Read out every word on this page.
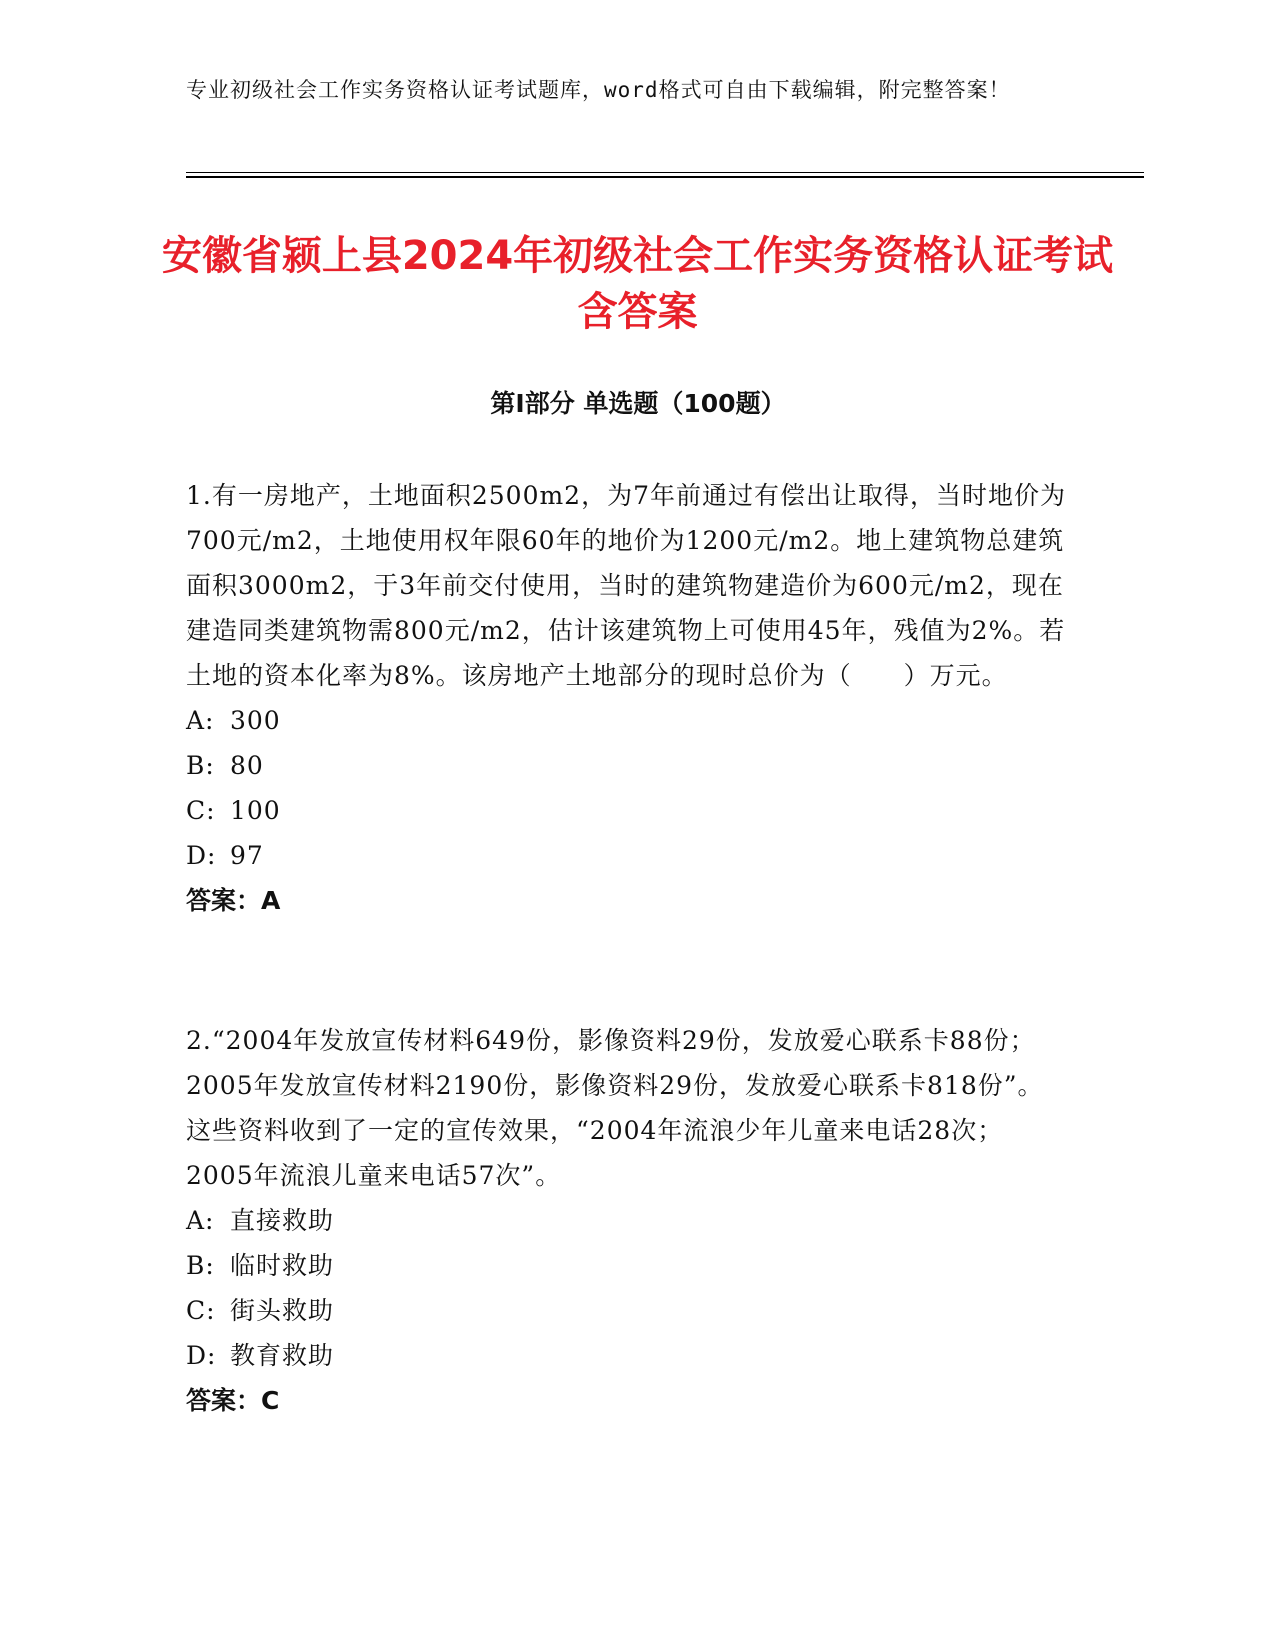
专业初级社会工作实务资格认证考试题库，word格式可自由下载编辑，附完整答案！
安徽省颍上县2024年初级社会工作实务资格认证考试含答案
第Ⅰ部分 单选题（100题）

1.有一房地产，土地面积2500m2，为7年前通过有偿出让取得，当时地价为700元/m2，土地使用权年限60年的地价为1200元/m2。地上建筑物总建筑面积3000m2，于3年前交付使用，当时的建筑物建造价为600元/m2，现在建造同类建筑物需800元/m2，估计该建筑物上可使用45年，残值为2%。若土地的资本化率为8%。该房地产土地部分的现时总价为（　　）万元。

A: 300
B: 80
C: 100
D: 97
答案：A

2.“2004年发放宣传材料649份，影像资料29份，发放爱心联系卡88份；2005年发放宣传材料2190份，影像资料29份，发放爱心联系卡818份”。这些资料收到了一定的宣传效果，“2004年流浪少年儿童来电话28次；2005年流浪儿童来电话57次”。

A: 直接救助
B: 临时救助
C: 街头救助
D: 教育救助
答案：C
